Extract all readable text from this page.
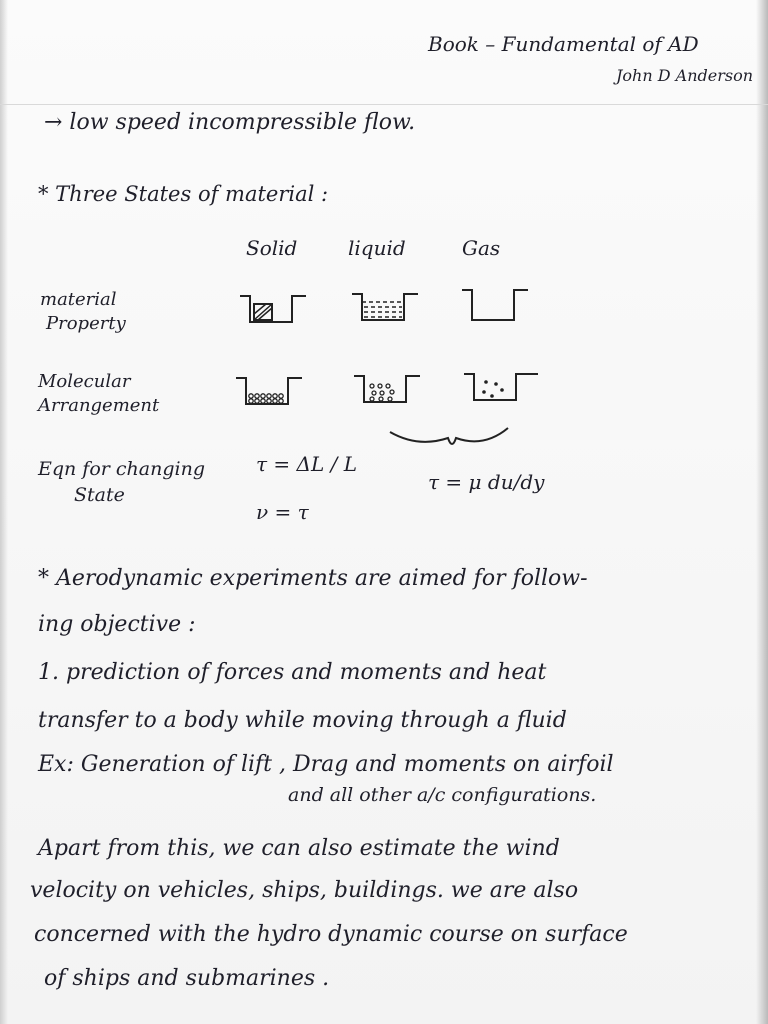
Book – Fundamental of AD
John D Anderson
→ low speed incompressible flow.
* Three States of material :
Solid	liquid	Gas
material
Property
Molecular
Arrangement
Eqn for changing
State
τ = ΔL / L
ν = τ
τ = μ du/dy
* Aerodynamic experiments are aimed for follow-
ing objective :
1. prediction of forces and moments and heat
transfer to a body while moving through a fluid
Ex: Generation of lift , Drag and moments on airfoil
and all other a/c configurations.
Apart from this, we can also estimate the wind
velocity on vehicles, ships, buildings. we are also
concerned with the hydro dynamic course on surface
of ships and submarines .
